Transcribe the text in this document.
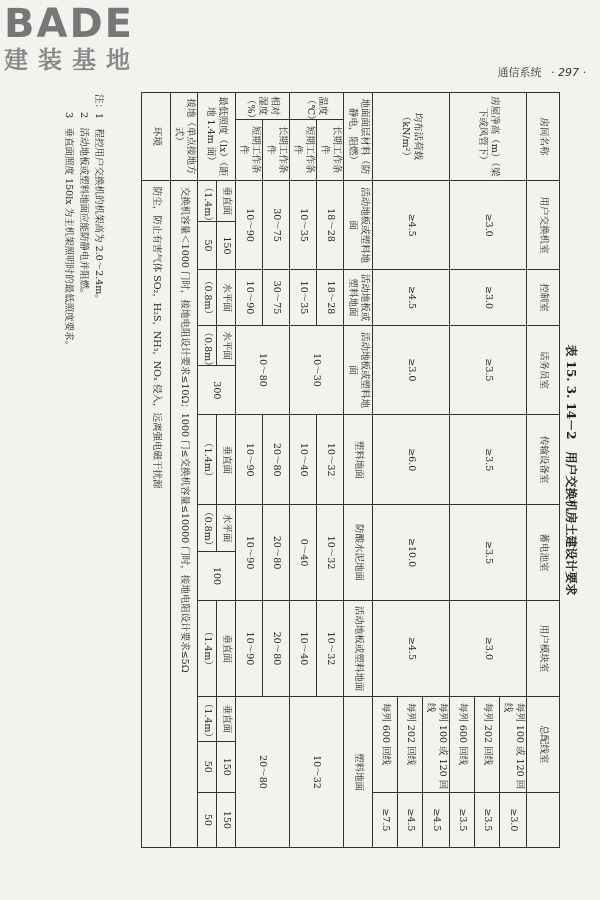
BADE
建装基地	通信系统 · 297 ·
表 15. 3. 14－2　用户交换机房土建设计要求
房间名称		用户交换机室		控制室	话务员室		传输设备室	蓄电池室		用户模块室	总配线室		
房屋净高（m）（梁下或风管下）		≥3.0		≥3.0	≥3.5		≥3.5	≥3.5		≥3.0	每列 100 或 120 回线		≥3.0
											每列 202 回线		≥3.5
											每列 600 回线		≥3.5
均布活荷载（kN/m²）		≥4.5		≥4.5	≥3.0		≥6.0	≥10.0		≥4.5	每列 100 或 120 回线		≥4.5
											每列 202 回线		≥4.5
											每列 600 回线		≥7.5
地面面层材料（防静电，阻燃）		活动地板或塑料地面		活动地板或塑料地面	活动地板或塑料地面		塑料地面	防酸水泥地面		活动地板或塑料地面	塑料地面		
温度（℃）	长期工作条件	18～28		18～28	10～30		10～32	10～32		10～32	10～32		
	短期工作条件	10～35		10～35			10～40	0～40		10～40			
相对湿度（%）	长期工作条件	30～75		30～75	10～80		20～80	20～80		20～80	20～80		
	短期工作条件	10～90		10～90			10～90	10～90		10～90			
最低照度（lx）（距地 1.4m 面）		垂直面	150	水平面	水平面	300	垂直面	水平面	100	垂直面	垂直面	150	150
		（1.4m）	50	（0.8m）	（0.8m）		（1.4m）	（0.8m）		（1.4m）	（1.4m）	50	50
接地（单点接地方式）		交换机容量＜1000 门时，接地电阻设计要求≤10Ω；1000 门≤交换机容量≤10000 门时，接地电阻设计要求≤5Ω											
环境		防尘，防止有害气体 SO₂，H₂S，NH₃，NOₓ 侵入，远离强电磁干扰源											
注：1　程控用户交换机的机架高为 2.0～2.4m。
2　活动地板或塑料地面应能防静电并阻燃。
3　垂直面照度 150lx 为主机架照明时的最低照度要求。
